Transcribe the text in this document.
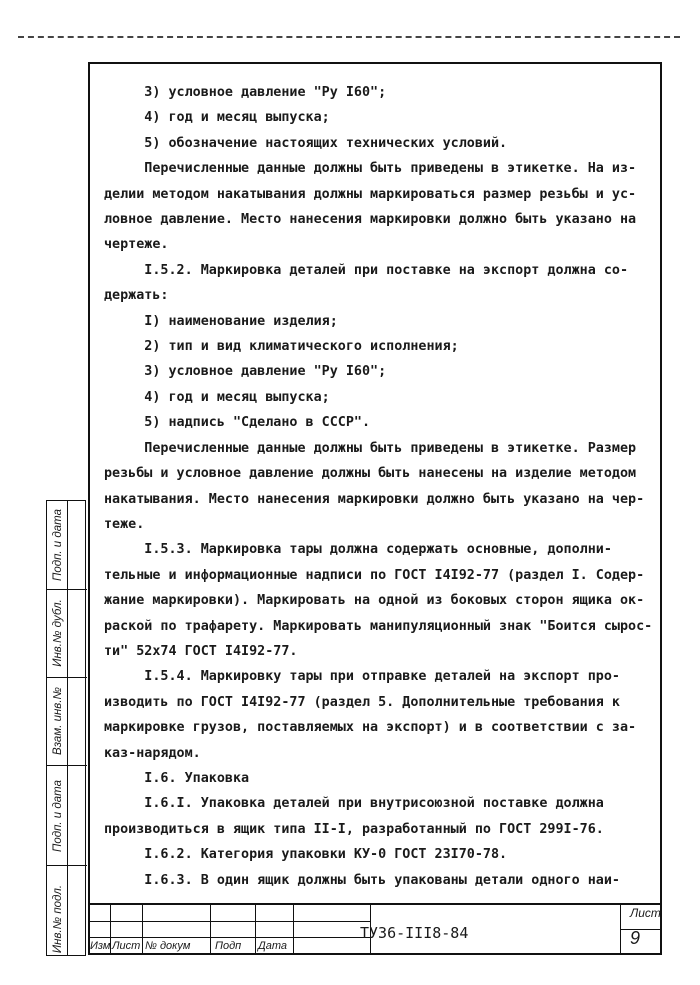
3) условное давление "Ру I60";
4) год и месяц выпуска;
5) обозначение настоящих технических условий.
Перечисленные данные должны быть приведены в этикетке. На из-
делии методом накатывания должны маркироваться размер резьбы и ус-
ловное давление. Место нанесения маркировки должно быть указано на
чертеже.
I.5.2. Маркировка деталей при поставке на экспорт должна со-
держать:
I) наименование изделия;
2) тип и вид климатического исполнения;
3) условное давление "Ру I60";
4) год и месяц выпуска;
5) надпись "Сделано в СССР".
Перечисленные данные должны быть приведены в этикетке. Размер
резьбы и условное давление должны быть нанесены на изделие методом
накатывания. Место нанесения маркировки должно быть указано на чер-
теже.
I.5.3. Маркировка тары должна содержать основные, дополни-
тельные и информационные надписи по ГОСТ I4I92-77 (раздел I. Содер-
жание маркировки). Маркировать на одной из боковых сторон ящика ок-
раской по трафарету. Маркировать манипуляционный знак "Боится сырос-
ти" 52х74 ГОСТ I4I92-77.
I.5.4. Маркировку тары при отправке деталей на экспорт про-
изводить по ГОСТ I4I92-77 (раздел 5. Дополнительные требования к
маркировке грузов, поставляемых на экспорт) и в соответствии с за-
каз-нарядом.
I.6. Упаковка
I.6.I. Упаковка деталей при внутрисоюзной поставке должна
производиться в ящик типа II-I, разработанный по ГОСТ 299I-76.
I.6.2. Категория упаковки КУ-0 ГОСТ 23I70-78.
I.6.3. В один ящик должны быть упакованы детали одного наи-
Инв.№ подл.
Подп. и дата
Взам. инв.№
Инв.№ дубл.
Подп. и дата
Изм Лист № докум Подп Дата
ТУ36-III8-84
Лист
9
